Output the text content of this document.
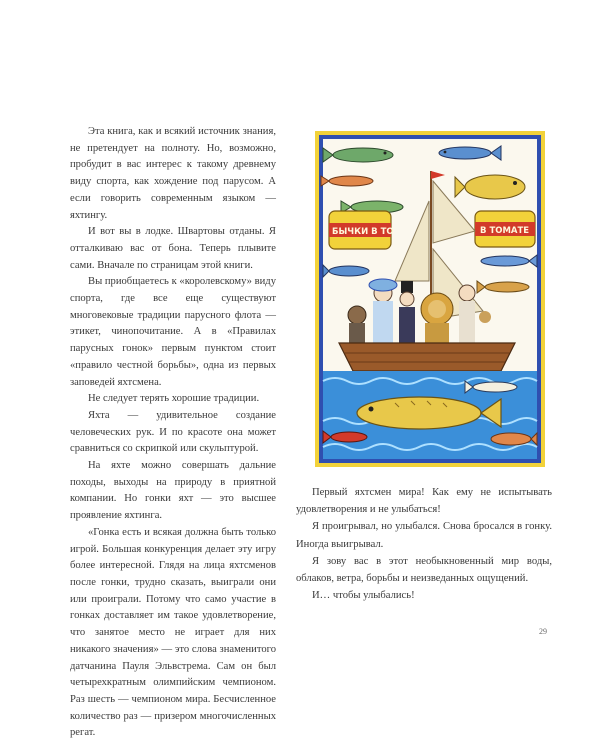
Эта книга, как и всякий источник знания, не претендует на полноту. Но, возможно, пробудит в вас интерес к такому древнему виду спорта, как хождение под парусом. А если говорить современным языком — яхтингу.

И вот вы в лодке. Швартовы отданы. Я отталкиваю вас от бона. Теперь плывите сами. Вначале по страницам этой книги.

Вы приобщаетесь к «королевскому» виду спорта, где все еще существуют многовековые традиции парусного флота — этикет, чинопочитание. А в «Правилах парусных гонок» первым пунктом стоит «правило честной борьбы», одна из первых заповедей яхтсмена.

Не следует терять хорошие традиции.

Яхта — удивительное создание человеческих рук. И по красоте она может сравниться со скрипкой или скульптурой.

На яхте можно совершать дальние походы, выходы на природу в приятной компании. Но гонки яхт — это высшее проявление яхтинга.

«Гонка есть и всякая должна быть только игрой. Большая конкуренция делает эту игру более интересной. Глядя на лица яхтсменов после гонки, трудно сказать, выиграли они или проиграли. Потому что само участие в гонках доставляет им такое удовлетворение, что занятое место не играет для них никакого значения» — это слова знаменитого датчанина Пауля Эльвстрема. Сам он был четырехкратным олимпийским чемпионом. Раз шесть — чемпионом мира. Бесчисленное количество раз — призером многочисленных регат.

БЫЧКИ В ТО	В ТОМАТЕ

Первый яхтсмен мира! Как ему не испытывать удовлетворения и не улыбаться!

Я проигрывал, но улыбался. Снова бросался в гонку. Иногда выигрывал.

Я зову вас в этот необыкновенный мир воды, облаков, ветра, борьбы и неизведанных ощущений.

И… чтобы улыбались!

29
